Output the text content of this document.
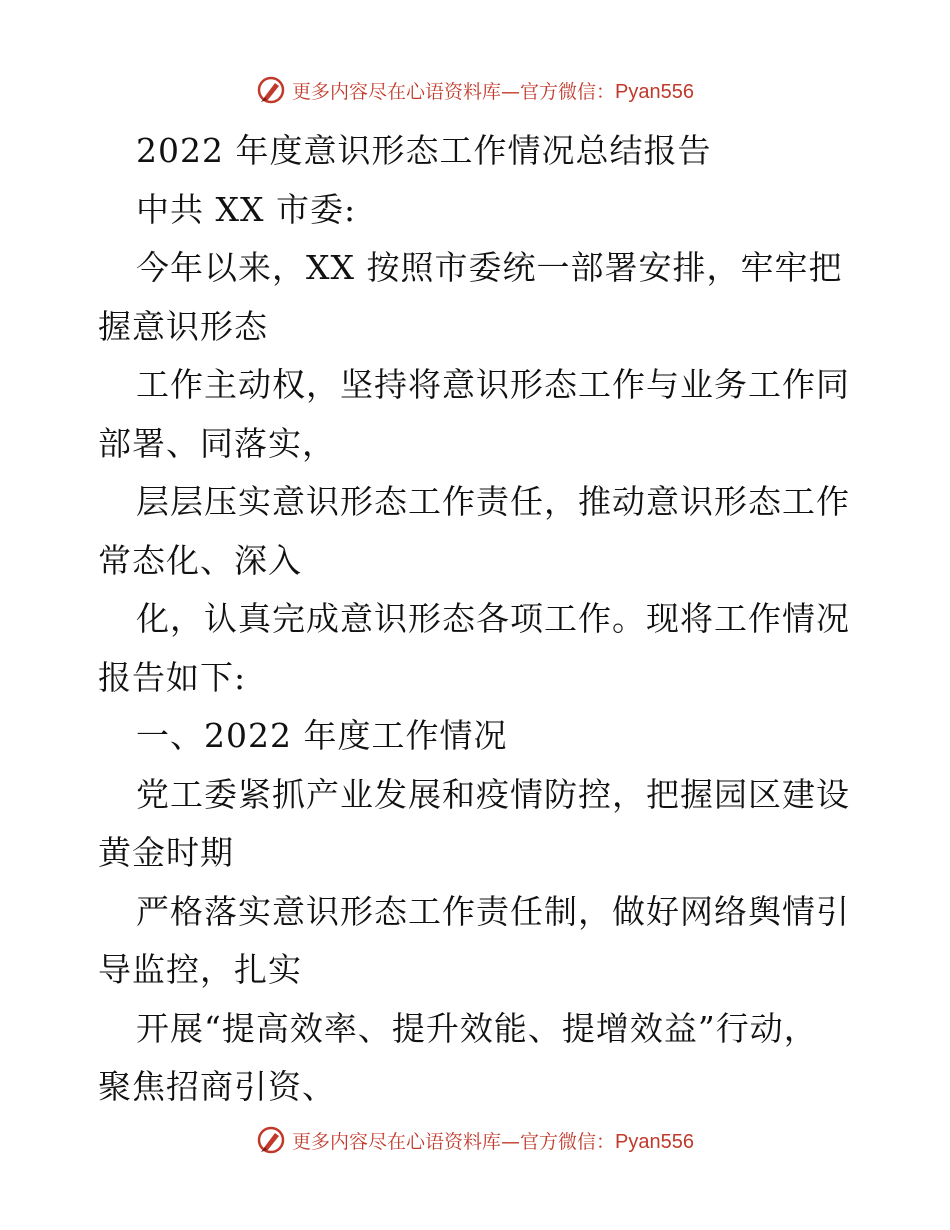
更多内容尽在心语资料库—官方微信：Pyan556
2022 年度意识形态工作情况总结报告
中共 XX 市委:
今年以来，XX 按照市委统一部署安排，牢牢把
握意识形态
工作主动权，坚持将意识形态工作与业务工作同
部署、同落实，
层层压实意识形态工作责任，推动意识形态工作
常态化、深入
化，认真完成意识形态各项工作。现将工作情况
报告如下:
一、2022 年度工作情况
党工委紧抓产业发展和疫情防控，把握园区建设
黄金时期
严格落实意识形态工作责任制，做好网络舆情引
导监控，扎实
开展“提高效率、提升效能、提增效益”行动，
聚焦招商引资、
更多内容尽在心语资料库—官方微信：Pyan556
